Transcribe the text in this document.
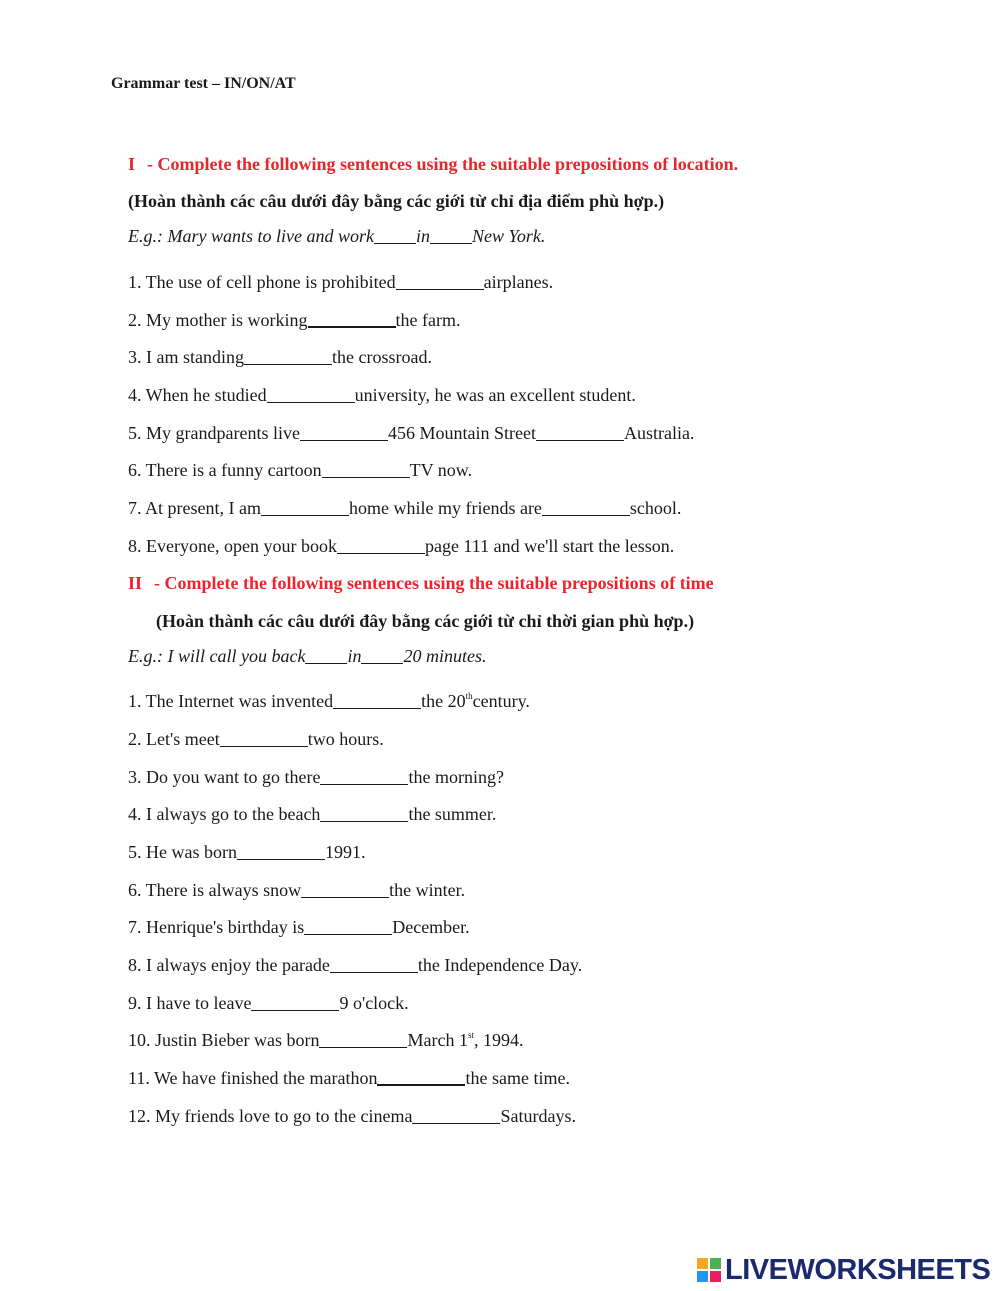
Grammar test – IN/ON/AT
I - Complete the following sentences using the suitable prepositions of location.
(Hoàn thành các câu dưới đây bằng các giới từ chỉ địa điểm phù hợp.)
E.g.: Mary wants to live and work in New York.
1. The use of cell phone is prohibited	airplanes.
2. My mother is working	the farm.
3. I am standing	the crossroad.
4. When he studied	university, he was an excellent student.
5. My grandparents live	456 Mountain Street	Australia.
6. There is a funny cartoon	TV now.
7. At present, I am	home while my friends are	school.
8. Everyone, open your book	page 111 and we'll start the lesson.
II - Complete the following sentences using the suitable prepositions of time
(Hoàn thành các câu dưới đây bằng các giới từ chỉ thời gian phù hợp.)
E.g.: I will call you back in 20 minutes.
1. The Internet was invented	the 20thcentury.
2. Let's meet	two hours.
3. Do you want to go there	the morning?
4. I always go to the beach	the summer.
5. He was born	1991.
6. There is always snow	the winter.
7. Henrique's birthday is	December.
8. I always enjoy the parade	the Independence Day.
9. I have to leave	9 o'clock.
10. Justin Bieber was born	March 1st, 1994.
11. We have finished the marathon	the same time.
12. My friends love to go to the cinema	Saturdays.
LIVEWORKSHEETS
